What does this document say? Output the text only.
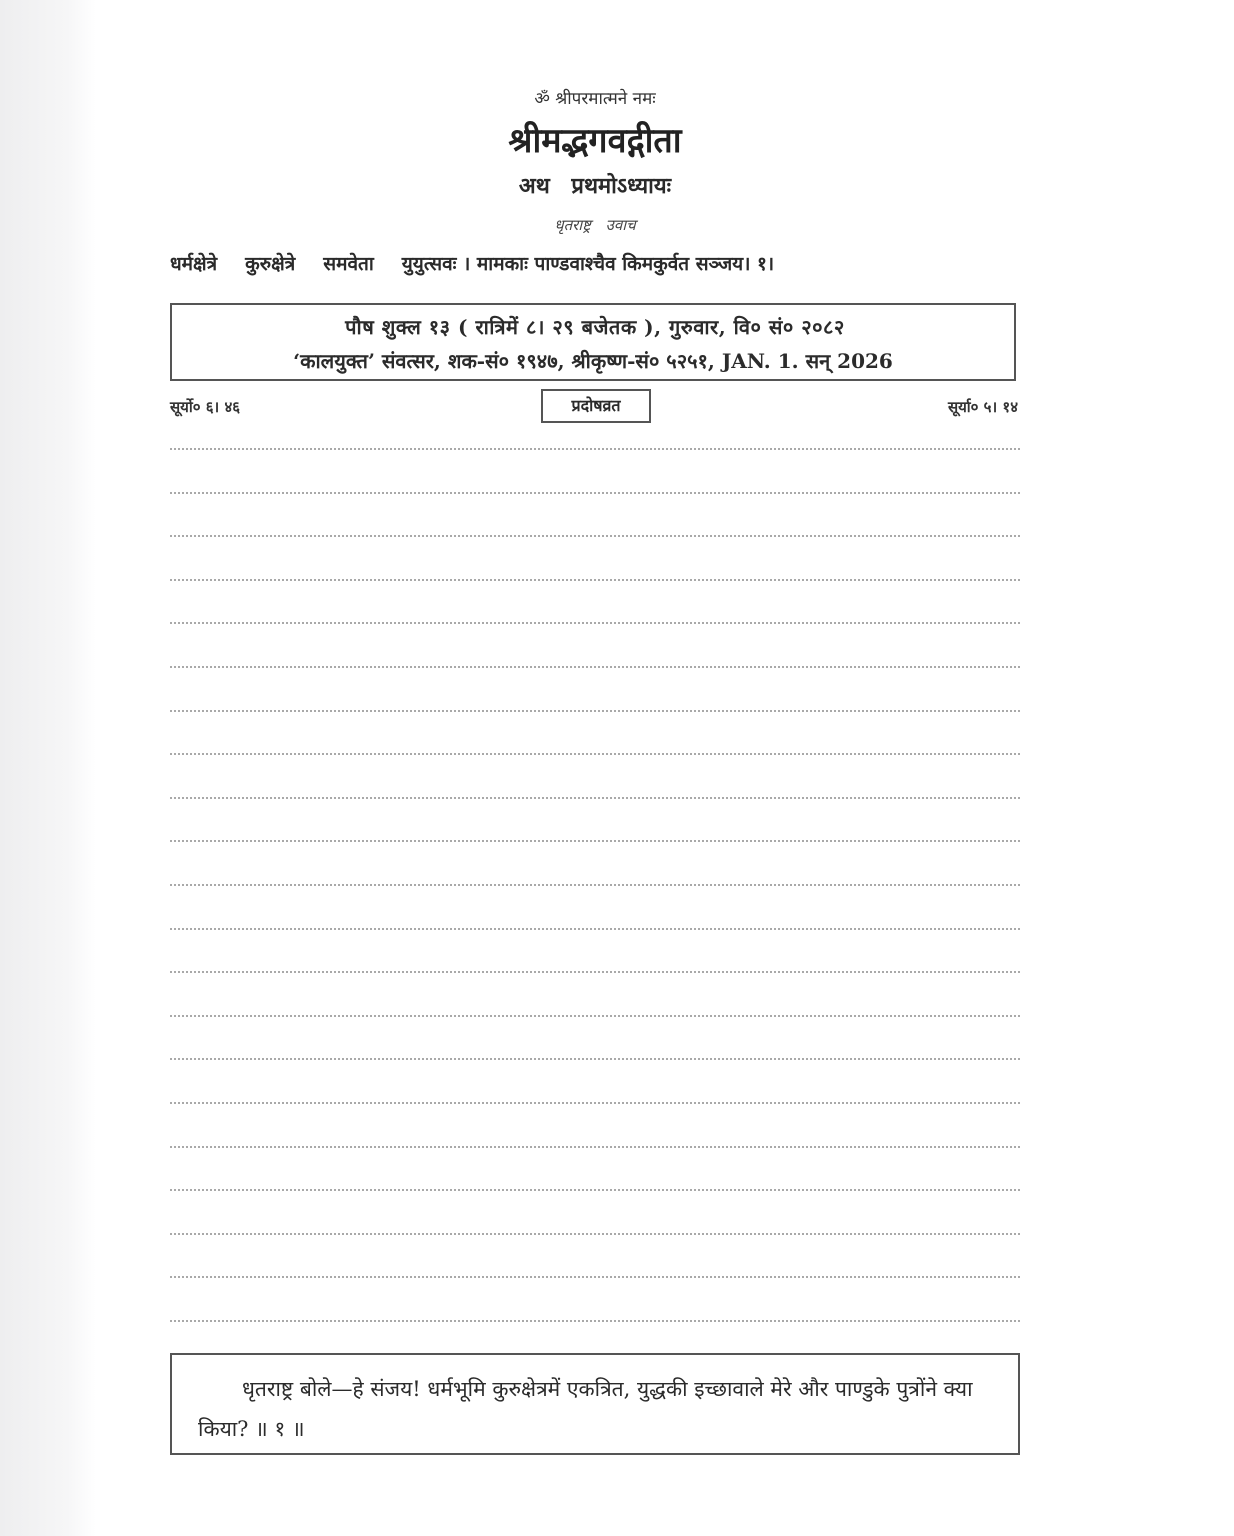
ॐ श्रीपरमात्मने नमः
श्रीमद्भगवद्गीता
अथ प्रथमोऽध्यायः
धृतराष्ट्र उवाच
धर्मक्षेत्रे कुरुक्षेत्रे समवेता युयुत्सवः । मामकाः पाण्डवाश्चैव किमकुर्वत सञ्जय। १।
पौष शुक्ल १३ ( रात्रिमें ८। २९ बजेतक ), गुरुवार, वि० सं० २०८२
‘कालयुक्त’ संवत्सर, शक-सं० १९४७, श्रीकृष्ण-सं० ५२५१, JAN. 1. सन् 2026
सूर्यो० ६। ४६	प्रदोषव्रत	सूर्या० ५। १४
धृतराष्ट्र बोले—हे संजय! धर्मभूमि कुरुक्षेत्रमें एकत्रित, युद्धकी इच्छावाले मेरे और पाण्डुके पुत्रोंने क्या किया? ॥ १ ॥
